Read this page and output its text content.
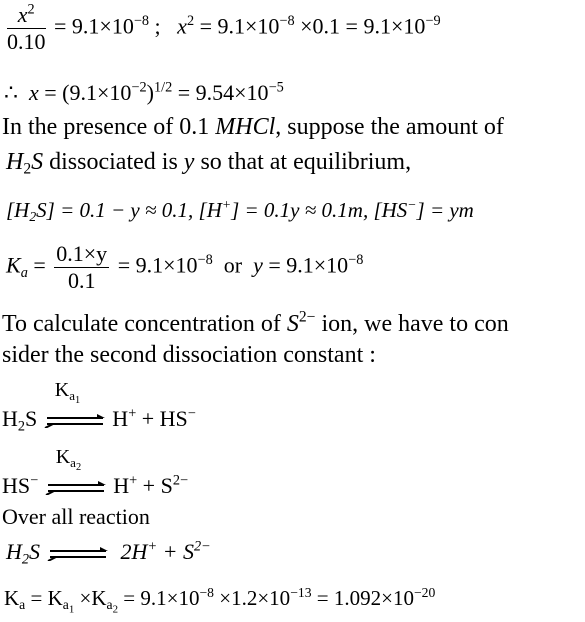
$\frac{x^2}{0.10} = 9.1\times 10^{-8}$ ; $x^2 = 9.1\times 10^{-8} \times 0.1 = 9.1\times 10^{-9}$
∴ $x = (9.1\times 10^{-2})^{1/2} = 9.54\times 10^{-5}$
In the presence of 0.1 MHCl, suppose the amount of
$H_2S$ dissociated is y so that at equilibrium,
$[H_2S] = 0.1 - y \approx 0.1$, [H+] = 0.1y ≈ 0.1m, [HS−] = ym
$K_a = \frac{0.1\times y}{0.1} = 9.1\times 10^{-8}$ or $y = 9.1\times 10^{-8}$
To calculate concentration of $S^{2-}$ ion, we have to con
sider the second dissociation constant :
$H_2S$
$K_{a_1}$
H+ + HS−
HS−
$K_{a_2}$
$H^+ + S^{2-}$
Over all reaction
$H_2S$ ⇌ $2H^+ + S^{2-}$
$K_a = K_{a_1} \times K_{a_2} = 9.1\times 10^{-8} \times 1.2\times 10^{-13} = 1.092\times 10^{-20}$
